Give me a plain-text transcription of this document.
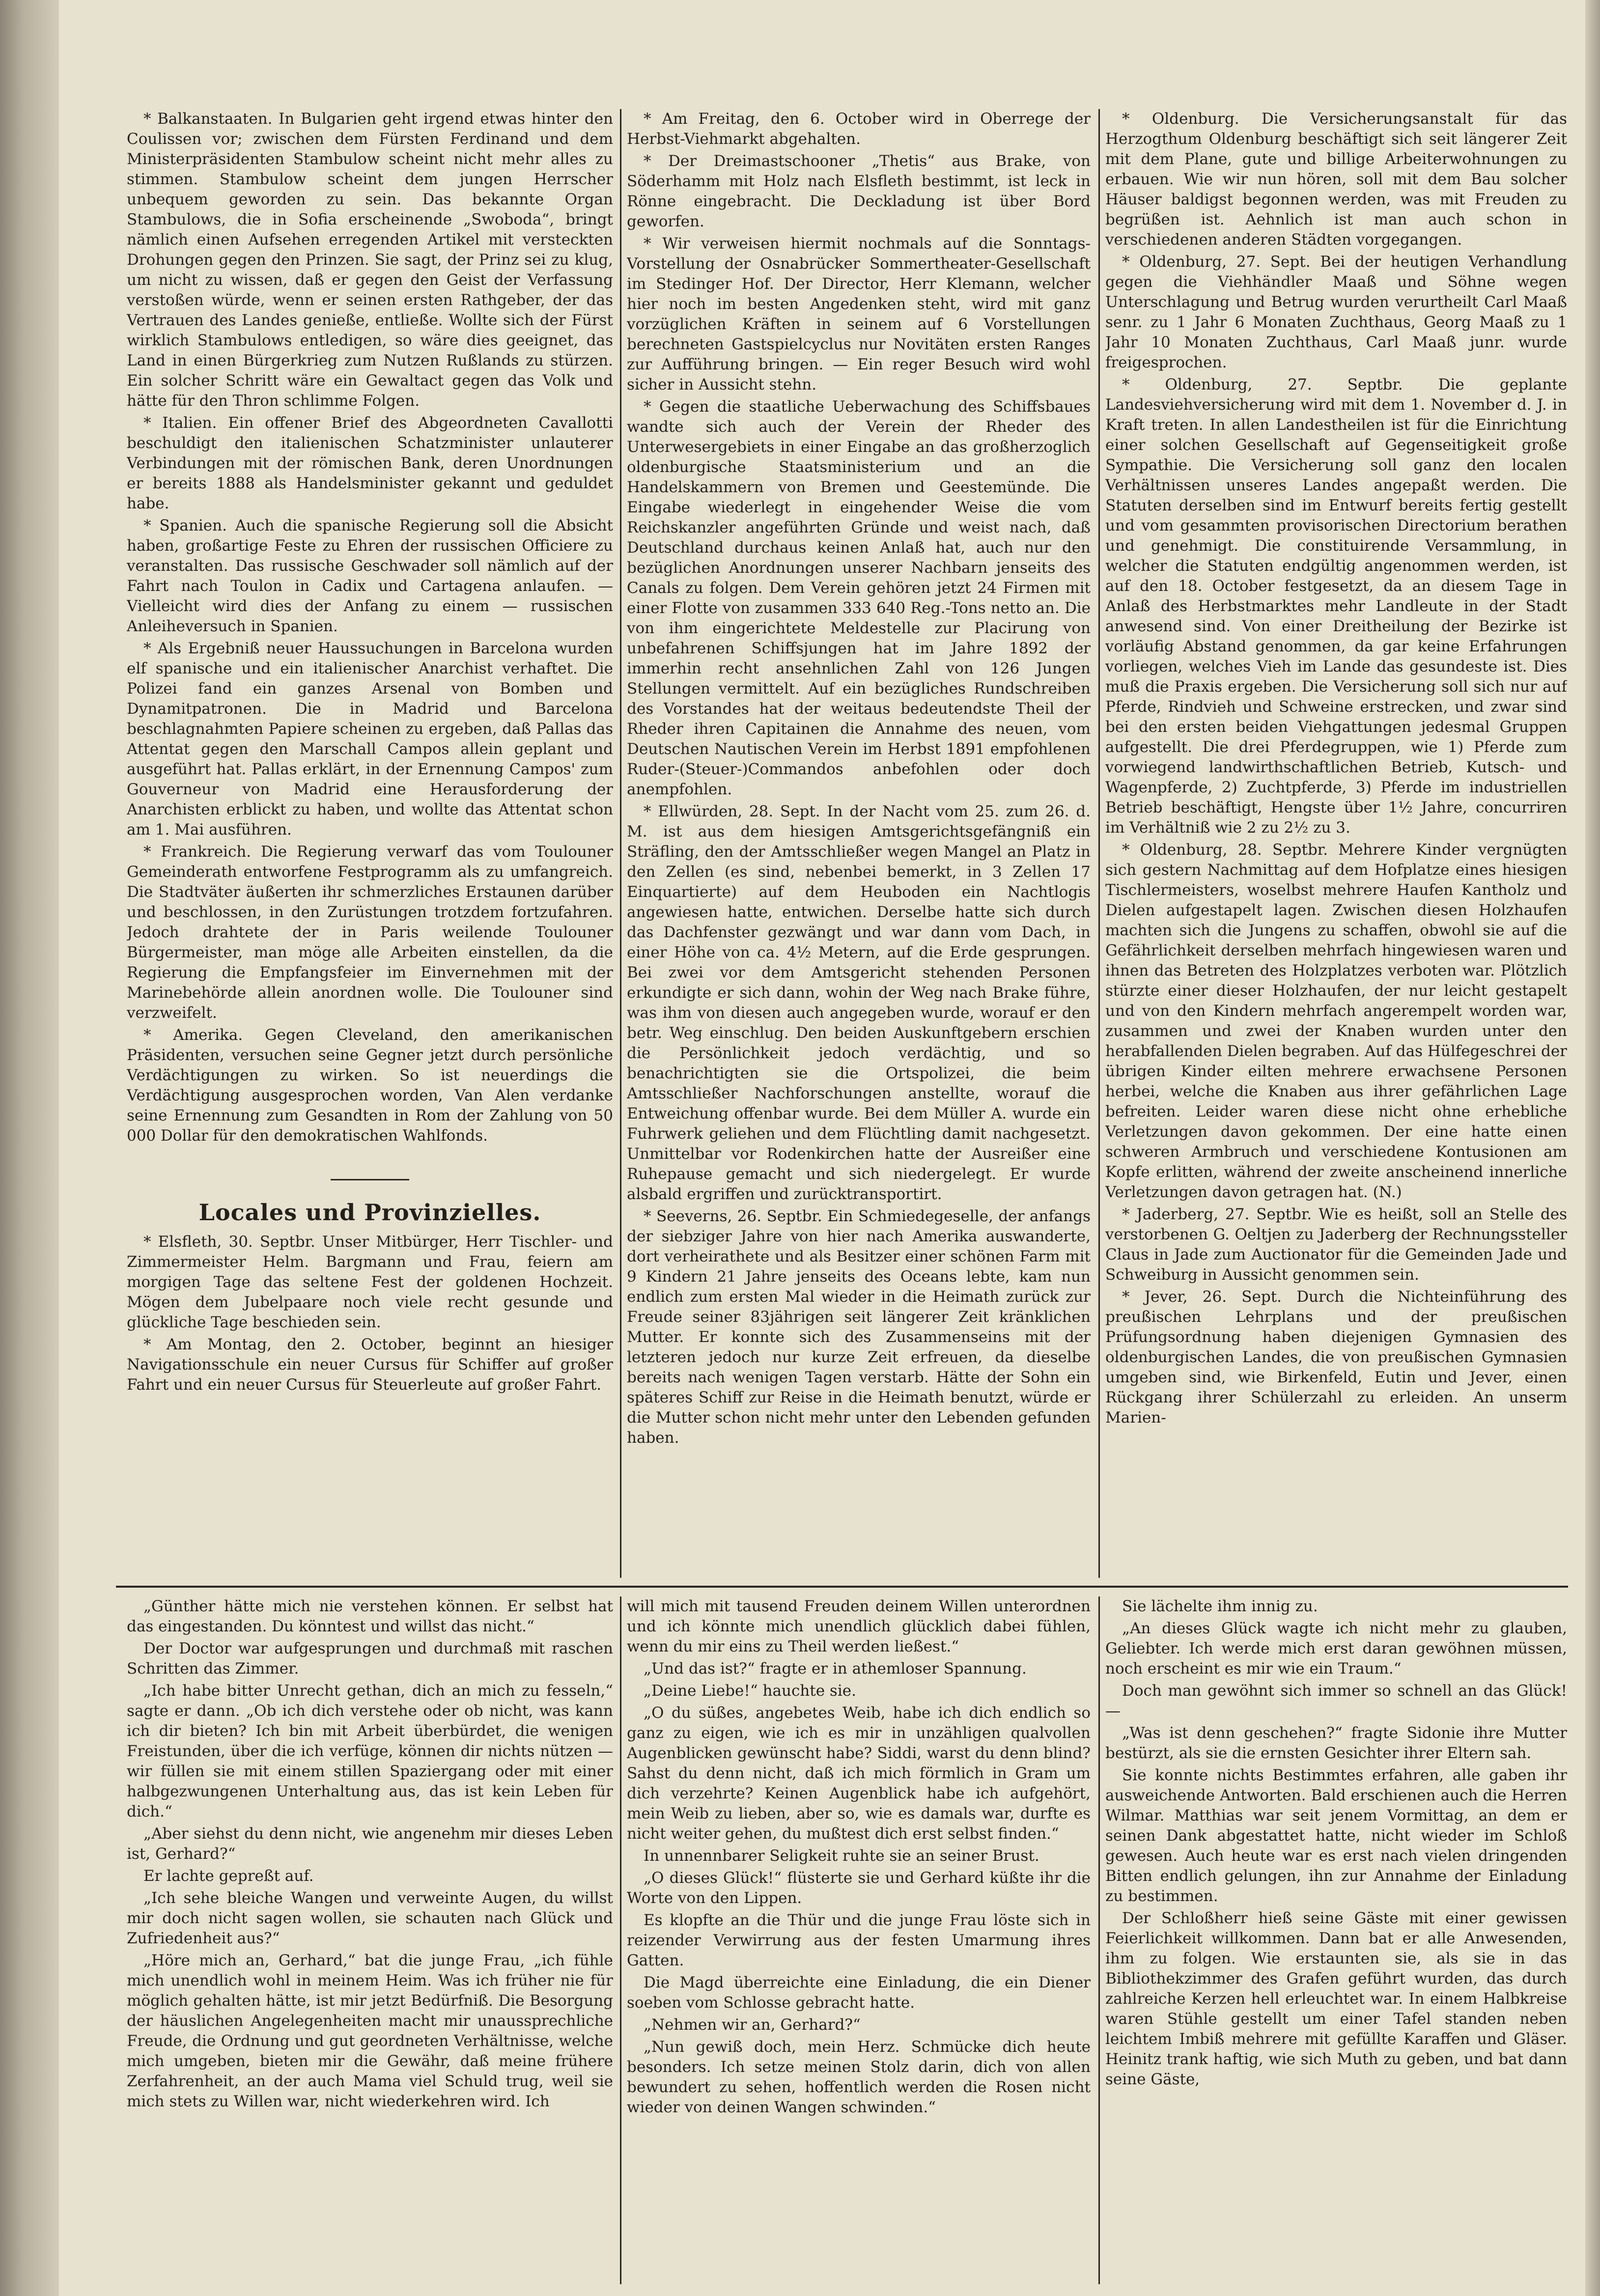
* Balkanstaaten. In Bulgarien geht irgend etwas hinter den Coulissen vor; zwischen dem Fürsten Ferdinand und dem Ministerpräsidenten Stambulow scheint nicht mehr alles zu stimmen. Stambulow scheint dem jungen Herrscher unbequem geworden zu sein. Das bekannte Organ Stambulows, die in Sofia erscheinende „Swoboda“, bringt nämlich einen Aufsehen erregenden Artikel mit versteckten Drohungen gegen den Prinzen. Sie sagt, der Prinz sei zu klug, um nicht zu wissen, daß er gegen den Geist der Verfassung verstoßen würde, wenn er seinen ersten Rathgeber, der das Vertrauen des Landes genieße, entließe. Wollte sich der Fürst wirklich Stambulows entledigen, so wäre dies geeignet, das Land in einen Bürgerkrieg zum Nutzen Rußlands zu stürzen. Ein solcher Schritt wäre ein Gewaltact gegen das Volk und hätte für den Thron schlimme Folgen.

* Italien. Ein offener Brief des Abgeordneten Cavallotti beschuldigt den italienischen Schatzminister unlauterer Verbindungen mit der römischen Bank, deren Unordnungen er bereits 1888 als Handelsminister gekannt und geduldet habe.

* Spanien. Auch die spanische Regierung soll die Absicht haben, großartige Feste zu Ehren der russischen Officiere zu veranstalten. Das russische Geschwader soll nämlich auf der Fahrt nach Toulon in Cadix und Cartagena anlaufen. — Vielleicht wird dies der Anfang zu einem — russischen Anleiheversuch in Spanien.

* Als Ergebniß neuer Haussuchungen in Barcelona wurden elf spanische und ein italienischer Anarchist verhaftet. Die Polizei fand ein ganzes Arsenal von Bomben und Dynamitpatronen. Die in Madrid und Barcelona beschlagnahmten Papiere scheinen zu ergeben, daß Pallas das Attentat gegen den Marschall Campos allein geplant und ausgeführt hat. Pallas erklärt, in der Ernennung Campos' zum Gouverneur von Madrid eine Herausforderung der Anarchisten erblickt zu haben, und wollte das Attentat schon am 1. Mai ausführen.

* Frankreich. Die Regierung verwarf das vom Toulouner Gemeinderath entworfene Festprogramm als zu umfangreich. Die Stadtväter äußerten ihr schmerzliches Erstaunen darüber und beschlossen, in den Zurüstungen trotzdem fortzufahren. Jedoch drahtete der in Paris weilende Toulouner Bürgermeister, man möge alle Arbeiten einstellen, da die Regierung die Empfangsfeier im Einvernehmen mit der Marinebehörde allein anordnen wolle. Die Toulouner sind verzweifelt.

* Amerika. Gegen Cleveland, den amerikanischen Präsidenten, versuchen seine Gegner jetzt durch persönliche Verdächtigungen zu wirken. So ist neuerdings die Verdächtigung ausgesprochen worden, Van Alen verdanke seine Ernennung zum Gesandten in Rom der Zahlung von 50 000 Dollar für den demokratischen Wahlfonds.

Locales und Provinzielles.

* Elsfleth, 30. Septbr. Unser Mitbürger, Herr Tischler- und Zimmermeister Helm. Bargmann und Frau, feiern am morgigen Tage das seltene Fest der goldenen Hochzeit. Mögen dem Jubelpaare noch viele recht gesunde und glückliche Tage beschieden sein.

* Am Montag, den 2. October, beginnt an hiesiger Navigationsschule ein neuer Cursus für Schiffer auf großer Fahrt und ein neuer Cursus für Steuerleute auf großer Fahrt.

* Am Freitag, den 6. October wird in Oberrege der Herbst-Viehmarkt abgehalten.

* Der Dreimastschooner „Thetis“ aus Brake, von Söderhamm mit Holz nach Elsfleth bestimmt, ist leck in Rönne eingebracht. Die Deckladung ist über Bord geworfen.

* Wir verweisen hiermit nochmals auf die Sonntags-Vorstellung der Osnabrücker Sommertheater-Gesellschaft im Stedinger Hof. Der Director, Herr Klemann, welcher hier noch im besten Angedenken steht, wird mit ganz vorzüglichen Kräften in seinem auf 6 Vorstellungen berechneten Gastspielcyclus nur Novitäten ersten Ranges zur Aufführung bringen. — Ein reger Besuch wird wohl sicher in Aussicht stehn.

* Gegen die staatliche Ueberwachung des Schiffsbaues wandte sich auch der Verein der Rheder des Unterwesergebiets in einer Eingabe an das großherzoglich oldenburgische Staatsministerium und an die Handelskammern von Bremen und Geestemünde. Die Eingabe wiederlegt in eingehender Weise die vom Reichskanzler angeführten Gründe und weist nach, daß Deutschland durchaus keinen Anlaß hat, auch nur den bezüglichen Anordnungen unserer Nachbarn jenseits des Canals zu folgen. Dem Verein gehören jetzt 24 Firmen mit einer Flotte von zusammen 333 640 Reg.-Tons netto an. Die von ihm eingerichtete Meldestelle zur Placirung von unbefahrenen Schiffsjungen hat im Jahre 1892 der immerhin recht ansehnlichen Zahl von 126 Jungen Stellungen vermittelt. Auf ein bezügliches Rundschreiben des Vorstandes hat der weitaus bedeutendste Theil der Rheder ihren Capitainen die Annahme des neuen, vom Deutschen Nautischen Verein im Herbst 1891 empfohlenen Ruder-(Steuer-)Commandos anbefohlen oder doch anempfohlen.

* Ellwürden, 28. Sept. In der Nacht vom 25. zum 26. d. M. ist aus dem hiesigen Amtsgerichtsgefängniß ein Sträfling, den der Amtsschließer wegen Mangel an Platz in den Zellen (es sind, nebenbei bemerkt, in 3 Zellen 17 Einquartierte) auf dem Heuboden ein Nachtlogis angewiesen hatte, entwichen. Derselbe hatte sich durch das Dachfenster gezwängt und war dann vom Dach, in einer Höhe von ca. 4½ Metern, auf die Erde gesprungen. Bei zwei vor dem Amtsgericht stehenden Personen erkundigte er sich dann, wohin der Weg nach Brake führe, was ihm von diesen auch angegeben wurde, worauf er den betr. Weg einschlug. Den beiden Auskunftgebern erschien die Persönlichkeit jedoch verdächtig, und so benachrichtigten sie die Ortspolizei, die beim Amtsschließer Nachforschungen anstellte, worauf die Entweichung offenbar wurde. Bei dem Müller A. wurde ein Fuhrwerk geliehen und dem Flüchtling damit nachgesetzt. Unmittelbar vor Rodenkirchen hatte der Ausreißer eine Ruhepause gemacht und sich niedergelegt. Er wurde alsbald ergriffen und zurücktransportirt.

* Seeverns, 26. Septbr. Ein Schmiedegeselle, der anfangs der siebziger Jahre von hier nach Amerika auswanderte, dort verheirathete und als Besitzer einer schönen Farm mit 9 Kindern 21 Jahre jenseits des Oceans lebte, kam nun endlich zum ersten Mal wieder in die Heimath zurück zur Freude seiner 83jährigen seit längerer Zeit kränklichen Mutter. Er konnte sich des Zusammenseins mit der letzteren jedoch nur kurze Zeit erfreuen, da dieselbe bereits nach wenigen Tagen verstarb. Hätte der Sohn ein späteres Schiff zur Reise in die Heimath benutzt, würde er die Mutter schon nicht mehr unter den Lebenden gefunden haben.

* Oldenburg. Die Versicherungsanstalt für das Herzogthum Oldenburg beschäftigt sich seit längerer Zeit mit dem Plane, gute und billige Arbeiterwohnungen zu erbauen. Wie wir nun hören, soll mit dem Bau solcher Häuser baldigst begonnen werden, was mit Freuden zu begrüßen ist. Aehnlich ist man auch schon in verschiedenen anderen Städten vorgegangen.

* Oldenburg, 27. Sept. Bei der heutigen Verhandlung gegen die Viehhändler Maaß und Söhne wegen Unterschlagung und Betrug wurden verurtheilt Carl Maaß senr. zu 1 Jahr 6 Monaten Zuchthaus, Georg Maaß zu 1 Jahr 10 Monaten Zuchthaus, Carl Maaß junr. wurde freigesprochen.

* Oldenburg, 27. Septbr. Die geplante Landesviehversicherung wird mit dem 1. November d. J. in Kraft treten. In allen Landestheilen ist für die Einrichtung einer solchen Gesellschaft auf Gegenseitigkeit große Sympathie. Die Versicherung soll ganz den localen Verhältnissen unseres Landes angepaßt werden. Die Statuten derselben sind im Entwurf bereits fertig gestellt und vom gesammten provisorischen Directorium berathen und genehmigt. Die constituirende Versammlung, in welcher die Statuten endgültig angenommen werden, ist auf den 18. October festgesetzt, da an diesem Tage in Anlaß des Herbstmarktes mehr Landleute in der Stadt anwesend sind. Von einer Dreitheilung der Bezirke ist vorläufig Abstand genommen, da gar keine Erfahrungen vorliegen, welches Vieh im Lande das gesundeste ist. Dies muß die Praxis ergeben. Die Versicherung soll sich nur auf Pferde, Rindvieh und Schweine erstrecken, und zwar sind bei den ersten beiden Viehgattungen jedesmal Gruppen aufgestellt. Die drei Pferdegruppen, wie 1) Pferde zum vorwiegend landwirthschaftlichen Betrieb, Kutsch- und Wagenpferde, 2) Zuchtpferde, 3) Pferde im industriellen Betrieb beschäftigt, Hengste über 1½ Jahre, concurriren im Verhältniß wie 2 zu 2½ zu 3.

* Oldenburg, 28. Septbr. Mehrere Kinder vergnügten sich gestern Nachmittag auf dem Hofplatze eines hiesigen Tischlermeisters, woselbst mehrere Haufen Kantholz und Dielen aufgestapelt lagen. Zwischen diesen Holzhaufen machten sich die Jungens zu schaffen, obwohl sie auf die Gefährlichkeit derselben mehrfach hingewiesen waren und ihnen das Betreten des Holzplatzes verboten war. Plötzlich stürzte einer dieser Holzhaufen, der nur leicht gestapelt und von den Kindern mehrfach angerempelt worden war, zusammen und zwei der Knaben wurden unter den herabfallenden Dielen begraben. Auf das Hülfegeschrei der übrigen Kinder eilten mehrere erwachsene Personen herbei, welche die Knaben aus ihrer gefährlichen Lage befreiten. Leider waren diese nicht ohne erhebliche Verletzungen davon gekommen. Der eine hatte einen schweren Armbruch und verschiedene Kontusionen am Kopfe erlitten, während der zweite anscheinend innerliche Verletzungen davon getragen hat. (N.)

* Jaderberg, 27. Septbr. Wie es heißt, soll an Stelle des verstorbenen G. Oeltjen zu Jaderberg der Rechnungssteller Claus in Jade zum Auctionator für die Gemeinden Jade und Schweiburg in Aussicht genommen sein.

* Jever, 26. Sept. Durch die Nichteinführung des preußischen Lehrplans und der preußischen Prüfungsordnung haben diejenigen Gymnasien des oldenburgischen Landes, die von preußischen Gymnasien umgeben sind, wie Birkenfeld, Eutin und Jever, einen Rückgang ihrer Schülerzahl zu erleiden. An unserm Marien-

„Günther hätte mich nie verstehen können. Er selbst hat das eingestanden. Du könntest und willst das nicht.“

Der Doctor war aufgesprungen und durchmaß mit raschen Schritten das Zimmer.

„Ich habe bitter Unrecht gethan, dich an mich zu fesseln,“ sagte er dann. „Ob ich dich verstehe oder ob nicht, was kann ich dir bieten? Ich bin mit Arbeit überbürdet, die wenigen Freistunden, über die ich verfüge, können dir nichts nützen — wir füllen sie mit einem stillen Spaziergang oder mit einer halbgezwungenen Unterhaltung aus, das ist kein Leben für dich.“

„Aber siehst du denn nicht, wie angenehm mir dieses Leben ist, Gerhard?“

Er lachte gepreßt auf.

„Ich sehe bleiche Wangen und verweinte Augen, du willst mir doch nicht sagen wollen, sie schauten nach Glück und Zufriedenheit aus?“

„Höre mich an, Gerhard,“ bat die junge Frau, „ich fühle mich unendlich wohl in meinem Heim. Was ich früher nie für möglich gehalten hätte, ist mir jetzt Bedürfniß. Die Besorgung der häuslichen Angelegenheiten macht mir unaussprechliche Freude, die Ordnung und gut geordneten Verhältnisse, welche mich umgeben, bieten mir die Gewähr, daß meine frühere Zerfahrenheit, an der auch Mama viel Schuld trug, weil sie mich stets zu Willen war, nicht wiederkehren wird. Ich

will mich mit tausend Freuden deinem Willen unterordnen und ich könnte mich unendlich glücklich dabei fühlen, wenn du mir eins zu Theil werden ließest.“

„Und das ist?“ fragte er in athemloser Spannung.

„Deine Liebe!“ hauchte sie.

„O du süßes, angebetes Weib, habe ich dich endlich so ganz zu eigen, wie ich es mir in unzähligen qualvollen Augenblicken gewünscht habe? Siddi, warst du denn blind? Sahst du denn nicht, daß ich mich förmlich in Gram um dich verzehrte? Keinen Augenblick habe ich aufgehört, mein Weib zu lieben, aber so, wie es damals war, durfte es nicht weiter gehen, du mußtest dich erst selbst finden.“

In unnennbarer Seligkeit ruhte sie an seiner Brust.

„O dieses Glück!“ flüsterte sie und Gerhard küßte ihr die Worte von den Lippen.

Es klopfte an die Thür und die junge Frau löste sich in reizender Verwirrung aus der festen Umarmung ihres Gatten.

Die Magd überreichte eine Einladung, die ein Diener soeben vom Schlosse gebracht hatte.

„Nehmen wir an, Gerhard?“

„Nun gewiß doch, mein Herz. Schmücke dich heute besonders. Ich setze meinen Stolz darin, dich von allen bewundert zu sehen, hoffentlich werden die Rosen nicht wieder von deinen Wangen schwinden.“

Sie lächelte ihm innig zu.

„An dieses Glück wagte ich nicht mehr zu glauben, Geliebter. Ich werde mich erst daran gewöhnen müssen, noch erscheint es mir wie ein Traum.“

Doch man gewöhnt sich immer so schnell an das Glück! —

„Was ist denn geschehen?“ fragte Sidonie ihre Mutter bestürzt, als sie die ernsten Gesichter ihrer Eltern sah.

Sie konnte nichts Bestimmtes erfahren, alle gaben ihr ausweichende Antworten. Bald erschienen auch die Herren Wilmar. Matthias war seit jenem Vormittag, an dem er seinen Dank abgestattet hatte, nicht wieder im Schloß gewesen. Auch heute war es erst nach vielen dringenden Bitten endlich gelungen, ihn zur Annahme der Einladung zu bestimmen.

Der Schloßherr hieß seine Gäste mit einer gewissen Feierlichkeit willkommen. Dann bat er alle Anwesenden, ihm zu folgen. Wie erstaunten sie, als sie in das Bibliothekzimmer des Grafen geführt wurden, das durch zahlreiche Kerzen hell erleuchtet war. In einem Halbkreise waren Stühle gestellt um einer Tafel standen neben leichtem Imbiß mehrere mit gefüllte Karaffen und Gläser. Heinitz trank haftig, wie sich Muth zu geben, und bat dann seine Gäste,
